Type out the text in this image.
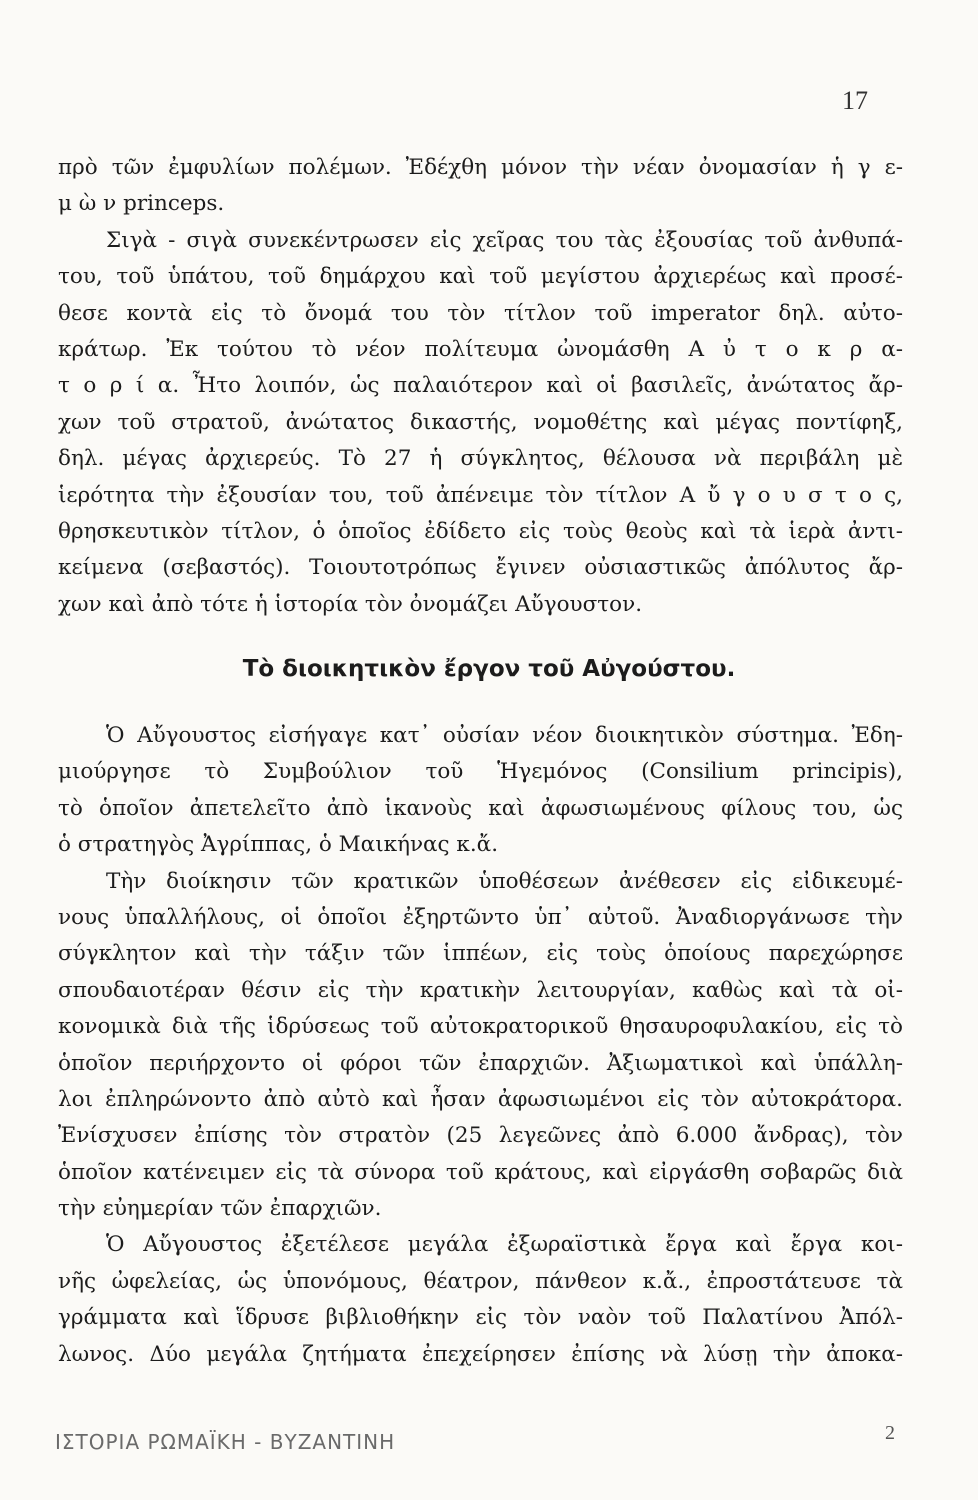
17
πρὸ τῶν ἐμφυλίων πολέμων. Ἐδέχθη μόνον τὴν νέαν ὀνομασίαν ἡ γ ε-
μ ὼ ν princeps.
Σιγὰ - σιγὰ συνεκέντρωσεν εἰς χεῖρας του τὰς ἐξουσίας τοῦ ἀνθυπά-
του, τοῦ ὑπάτου, τοῦ δημάρχου καὶ τοῦ μεγίστου ἀρχιερέως καὶ προσέ-
θεσε κοντὰ εἰς τὸ ὄνομά του τὸν τίτλον τοῦ imperator δηλ. αὐτο-
κράτωρ. Ἐκ τούτου τὸ νέον πολίτευμα ὠνομάσθη Α ὐ τ ο κ ρ α-
τ ο ρ ί α. Ἦτο λοιπόν, ὡς παλαιότερον καὶ οἱ βασιλεῖς, ἀνώτατος ἄρ-
χων τοῦ στρατοῦ, ἀνώτατος δικαστής, νομοθέτης καὶ μέγας ποντίφηξ,
δηλ. μέγας ἀρχιερεύς. Τὸ 27 ἡ σύγκλητος, θέλουσα νὰ περιβάλη μὲ
ἱερότητα τὴν ἐξουσίαν του, τοῦ ἀπένειμε τὸν τίτλον Α ὔ γ ο υ σ τ ο ς,
θρησκευτικὸν τίτλον, ὁ ὁποῖος ἐδίδετο εἰς τοὺς θεοὺς καὶ τὰ ἱερὰ ἀντι-
κείμενα (σεβαστός). Τοιουτοτρόπως ἔγινεν οὐσιαστικῶς ἀπόλυτος ἄρ-
χων καὶ ἀπὸ τότε ἡ ἱστορία τὸν ὀνομάζει Αὔγουστον.
Τὸ διοικητικὸν ἔργον τοῦ Αὐγούστου.
Ὁ Αὔγουστος εἰσήγαγε κατ᾽ οὐσίαν νέον διοικητικὸν σύστημα. Ἐδη-
μιούργησε τὸ Συμβούλιον τοῦ Ἡγεμόνος (Consilium principis),
τὸ ὁποῖον ἀπετελεῖτο ἀπὸ ἱκανοὺς καὶ ἀφωσιωμένους φίλους του, ὡς
ὁ στρατηγὸς Ἀγρίππας, ὁ Μαικήνας κ.ἄ.
Τὴν διοίκησιν τῶν κρατικῶν ὑποθέσεων ἀνέθεσεν εἰς εἰδικευμέ-
νους ὑπαλλήλους, οἱ ὁποῖοι ἐξηρτῶντο ὑπ᾽ αὐτοῦ. Ἀναδιοργάνωσε τὴν
σύγκλητον καὶ τὴν τάξιν τῶν ἱππέων, εἰς τοὺς ὁποίους παρεχώρησε
σπουδαιοτέραν θέσιν εἰς τὴν κρατικὴν λειτουργίαν, καθὼς καὶ τὰ οἰ-
κονομικὰ διὰ τῆς ἱδρύσεως τοῦ αὐτοκρατορικοῦ θησαυροφυλακίου, εἰς τὸ
ὁποῖον περιήρχοντο οἱ φόροι τῶν ἐπαρχιῶν. Ἀξιωματικοὶ καὶ ὑπάλλη-
λοι ἐπληρώνοντο ἀπὸ αὐτὸ καὶ ἦσαν ἀφωσιωμένοι εἰς τὸν αὐτοκράτορα.
Ἐνίσχυσεν ἐπίσης τὸν στρατὸν (25 λεγεῶνες ἀπὸ 6.000 ἄνδρας), τὸν
ὁποῖον κατένειμεν εἰς τὰ σύνορα τοῦ κράτους, καὶ εἰργάσθη σοβαρῶς διὰ
τὴν εὐημερίαν τῶν ἐπαρχιῶν.
Ὁ Αὔγουστος ἐξετέλεσε μεγάλα ἐξωραϊστικὰ ἔργα καὶ ἔργα κοι-
νῆς ὠφελείας, ὡς ὑπονόμους, θέατρον, πάνθεον κ.ἄ., ἐπροστάτευσε τὰ
γράμματα καὶ ἵδρυσε βιβλιοθήκην εἰς τὸν ναὸν τοῦ Παλατίνου Ἀπόλ-
λωνος. Δύο μεγάλα ζητήματα ἐπεχείρησεν ἐπίσης νὰ λύσῃ τὴν ἀποκα-
ΙΣΤΟΡΙΑ ΡΩΜΑΪΚΗ - ΒΥΖΑΝΤΙΝΗ	2
